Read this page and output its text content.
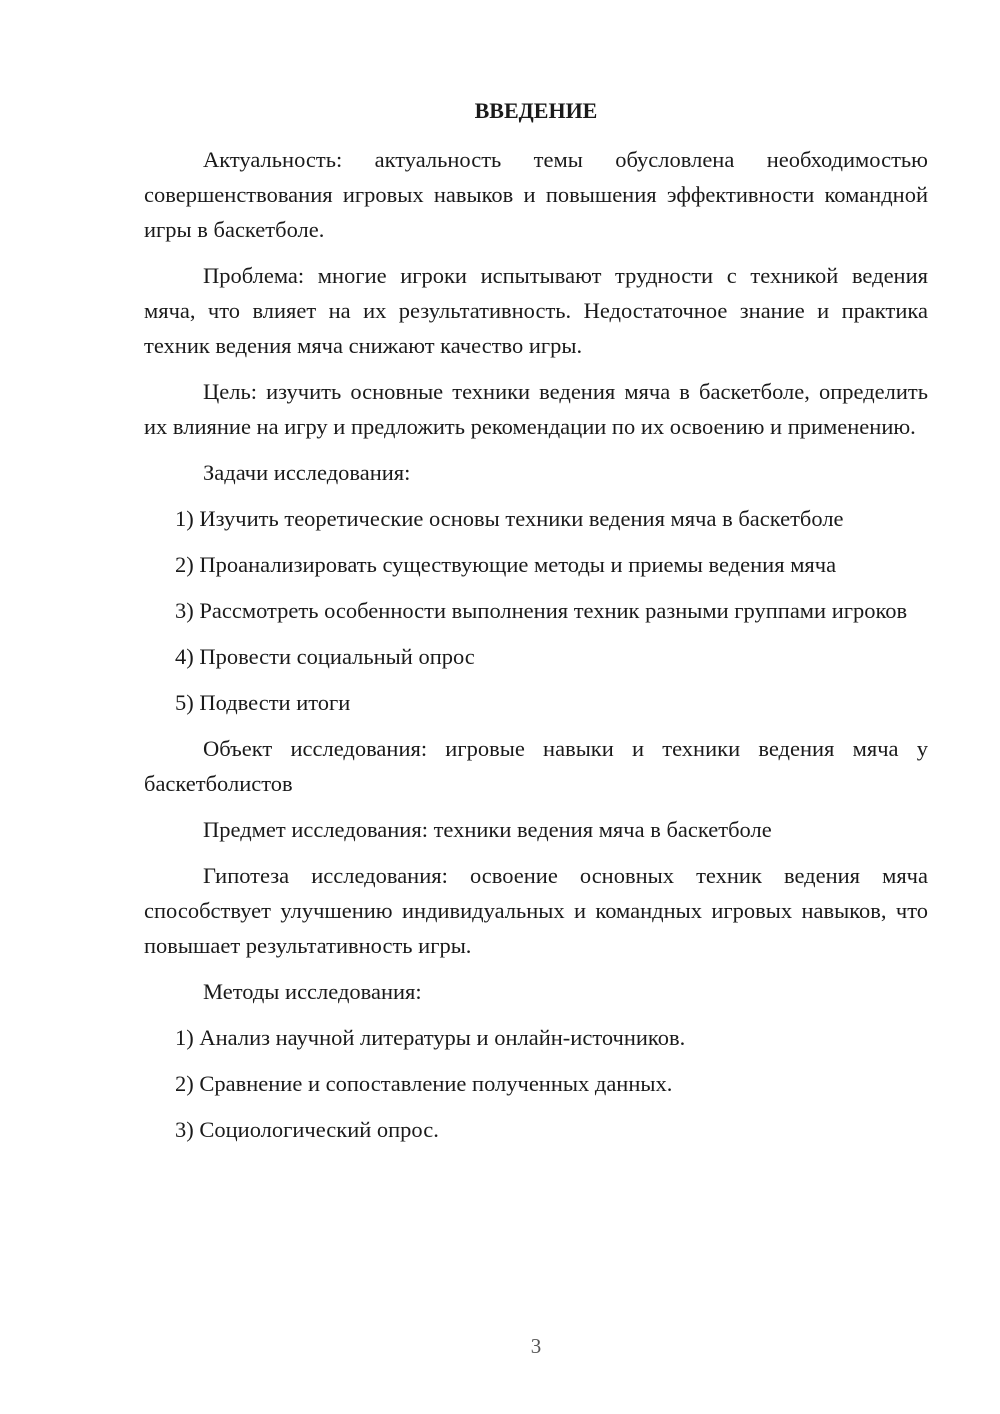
ВВЕДЕНИЕ

Актуальность: актуальность темы обусловлена необходимостью совершенствования игровых навыков и повышения эффективности командной игры в баскетболе.

Проблема: многие игроки испытывают трудности с техникой ведения мяча, что влияет на их результативность. Недостаточное знание и практика техник ведения мяча снижают качество игры.

Цель: изучить основные техники ведения мяча в баскетболе, определить их влияние на игру и предложить рекомендации по их освоению и применению.

Задачи исследования:

1) Изучить теоретические основы техники ведения мяча в баскетболе

2) Проанализировать существующие методы и приемы ведения мяча

3) Рассмотреть особенности выполнения техник разными группами игроков

4) Провести социальный опрос

5) Подвести итоги

Объект исследования: игровые навыки и техники ведения мяча у баскетболистов

Предмет исследования: техники ведения мяча в баскетболе

Гипотеза исследования: освоение основных техник ведения мяча способствует улучшению индивидуальных и командных игровых навыков, что повышает результативность игры.

Методы исследования:

1) Анализ научной литературы и онлайн-источников.

2) Сравнение и сопоставление полученных данных.

3) Социологический опрос.

3
